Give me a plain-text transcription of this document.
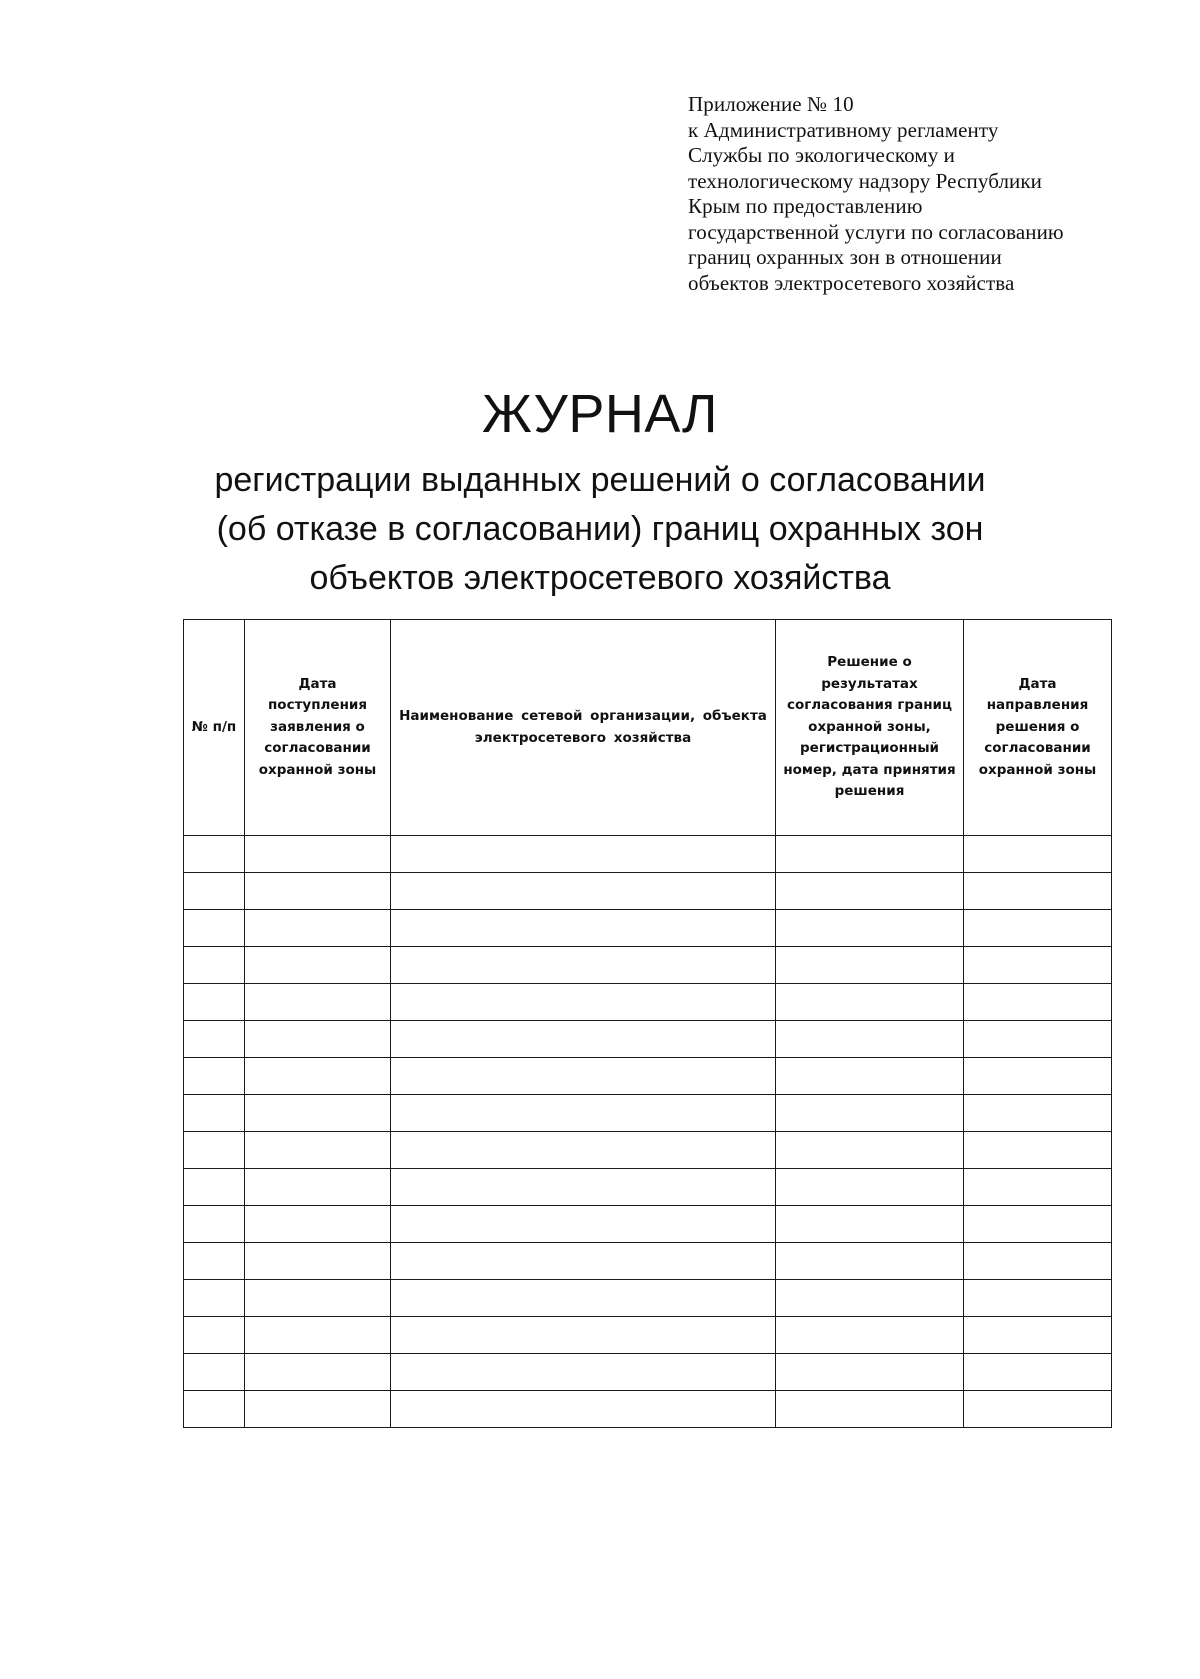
Приложение № 10
к Административному регламенту
Службы по экологическому и
технологическому надзору Республики
Крым по предоставлению
государственной услуги по согласованию
границ охранных зон в отношении
объектов электросетевого хозяйства
ЖУРНАЛ
регистрации выданных решений о согласовании
(об отказе в согласовании) границ охранных зон
объектов электросетевого хозяйства
№ п/п	Дата поступления заявления о согласовании охранной зоны	Наименование сетевой организации, объекта электросетевого хозяйства	Решение о результатах согласования границ охранной зоны, регистрационный номер, дата принятия решения	Дата направления решения о согласовании охранной зоны
